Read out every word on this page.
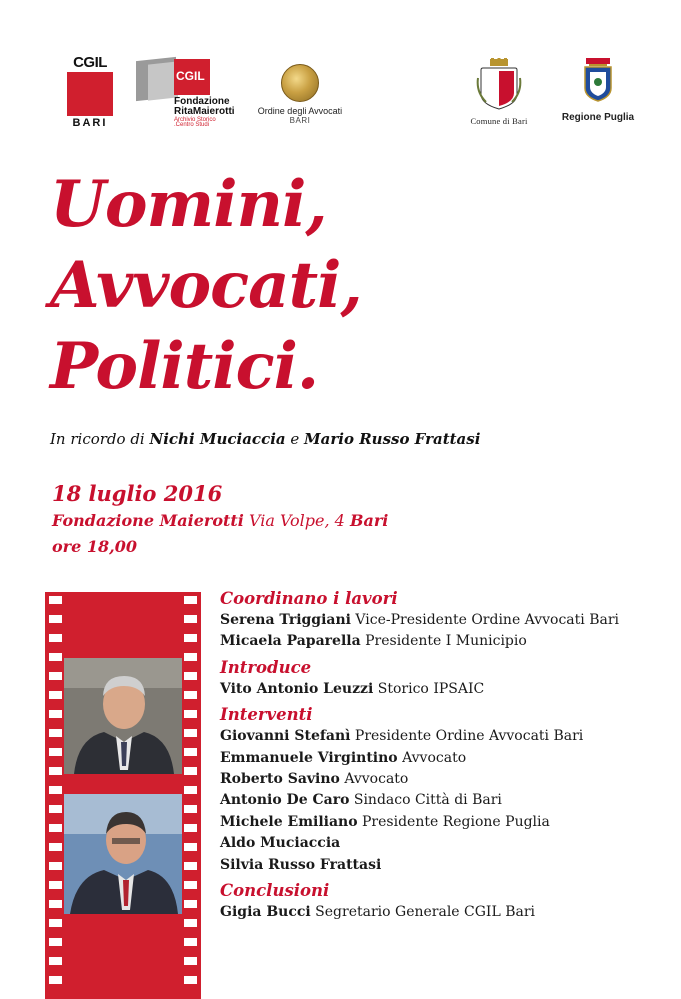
CGIL
BARI
CGIL
Fondazione
RitaMaierotti
Archivio Storico
.Centro Studi
Ordine degli Avvocati
BARI	Comune di Bari	Regione Puglia
Uomini,
Avvocati,
Politici.
In ricordo di Nichi Muciaccia e Mario Russo Frattasi
18 luglio 2016
Fondazione Maierotti Via Volpe, 4 Bari
ore 18,00
Coordinano i lavori
Serena Triggiani Vice-Presidente Ordine Avvocati Bari
Micaela Paparella Presidente I Municipio
Introduce
Vito Antonio Leuzzi Storico IPSAIC
Interventi
Giovanni Stefanì Presidente Ordine Avvocati Bari
Emmanuele Virgintino Avvocato
Roberto Savino Avvocato
Antonio De Caro Sindaco Città di Bari
Michele Emiliano Presidente Regione Puglia
Aldo Muciaccia
Silvia Russo Frattasi
Conclusioni
Gigia Bucci Segretario Generale CGIL Bari
